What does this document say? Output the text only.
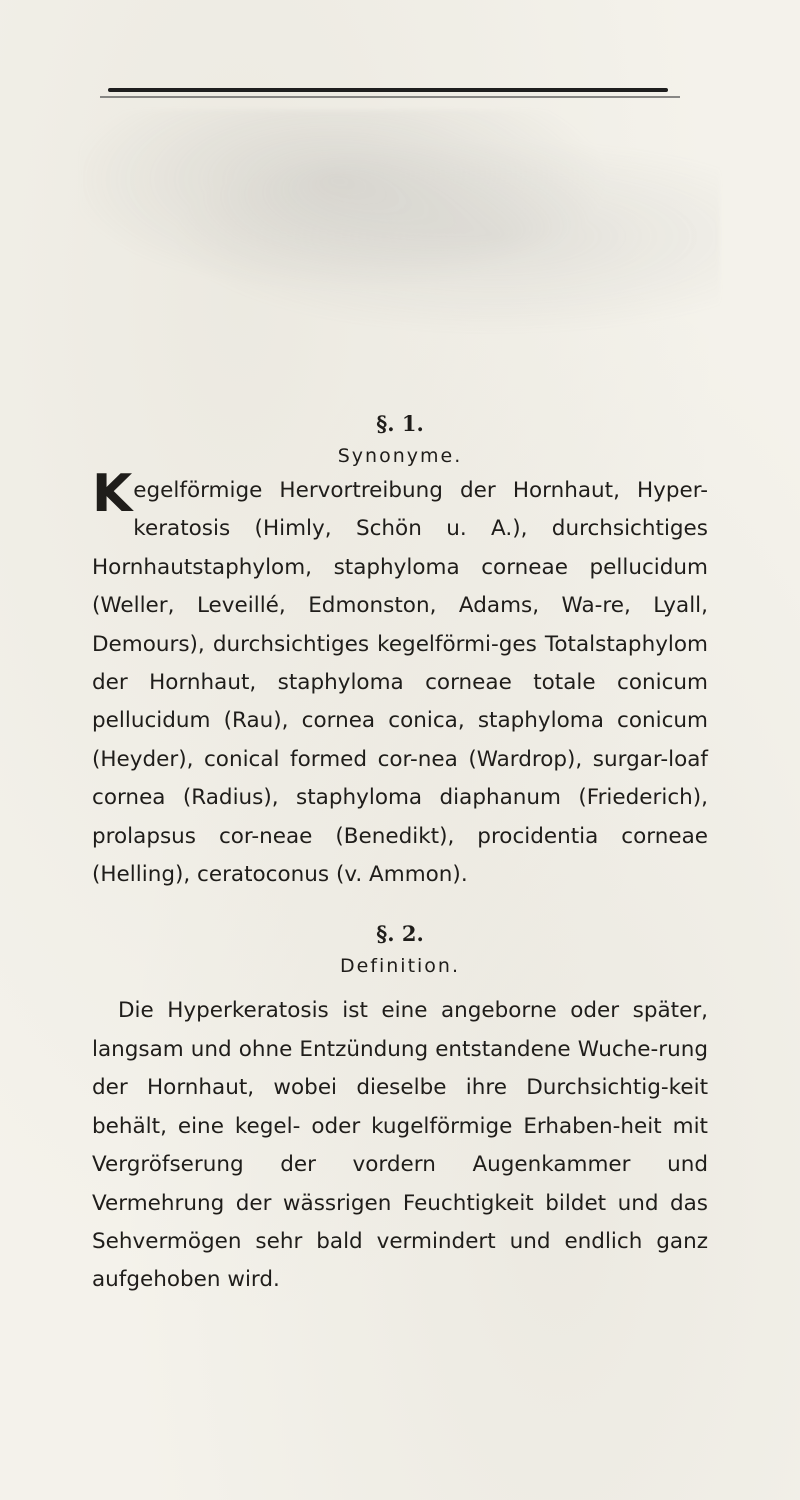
§. 1.
Synonyme.

Kegelförmige Hervortreibung der Hornhaut, Hyper-keratosis (Himly, Schön u. A.), durchsichtiges Hornhautstaphylom, staphyloma corneae pellucidum (Weller, Leveillé, Edmonston, Adams, Wa-re, Lyall, Demours), durchsichtiges kegelförmi-ges Totalstaphylom der Hornhaut, staphyloma corneae totale conicum pellucidum (Rau), cornea conica, staphyloma conicum (Heyder), conical formed cor-nea (Wardrop), surgar-loaf cornea (Radius), staphyloma diaphanum (Friederich), prolapsus cor-neae (Benedikt), procidentia corneae (Helling), ceratoconus (v. Ammon).

§. 2.
Definition.

Die Hyperkeratosis ist eine angeborne oder später, langsam und ohne Entzündung entstandene Wuche-rung der Hornhaut, wobei dieselbe ihre Durchsichtig-keit behält, eine kegel- oder kugelförmige Erhaben-heit mit Vergröfserung der vordern Augenkammer und Vermehrung der wässrigen Feuchtigkeit bildet und das Sehvermögen sehr bald vermindert und endlich ganz aufgehoben wird.
